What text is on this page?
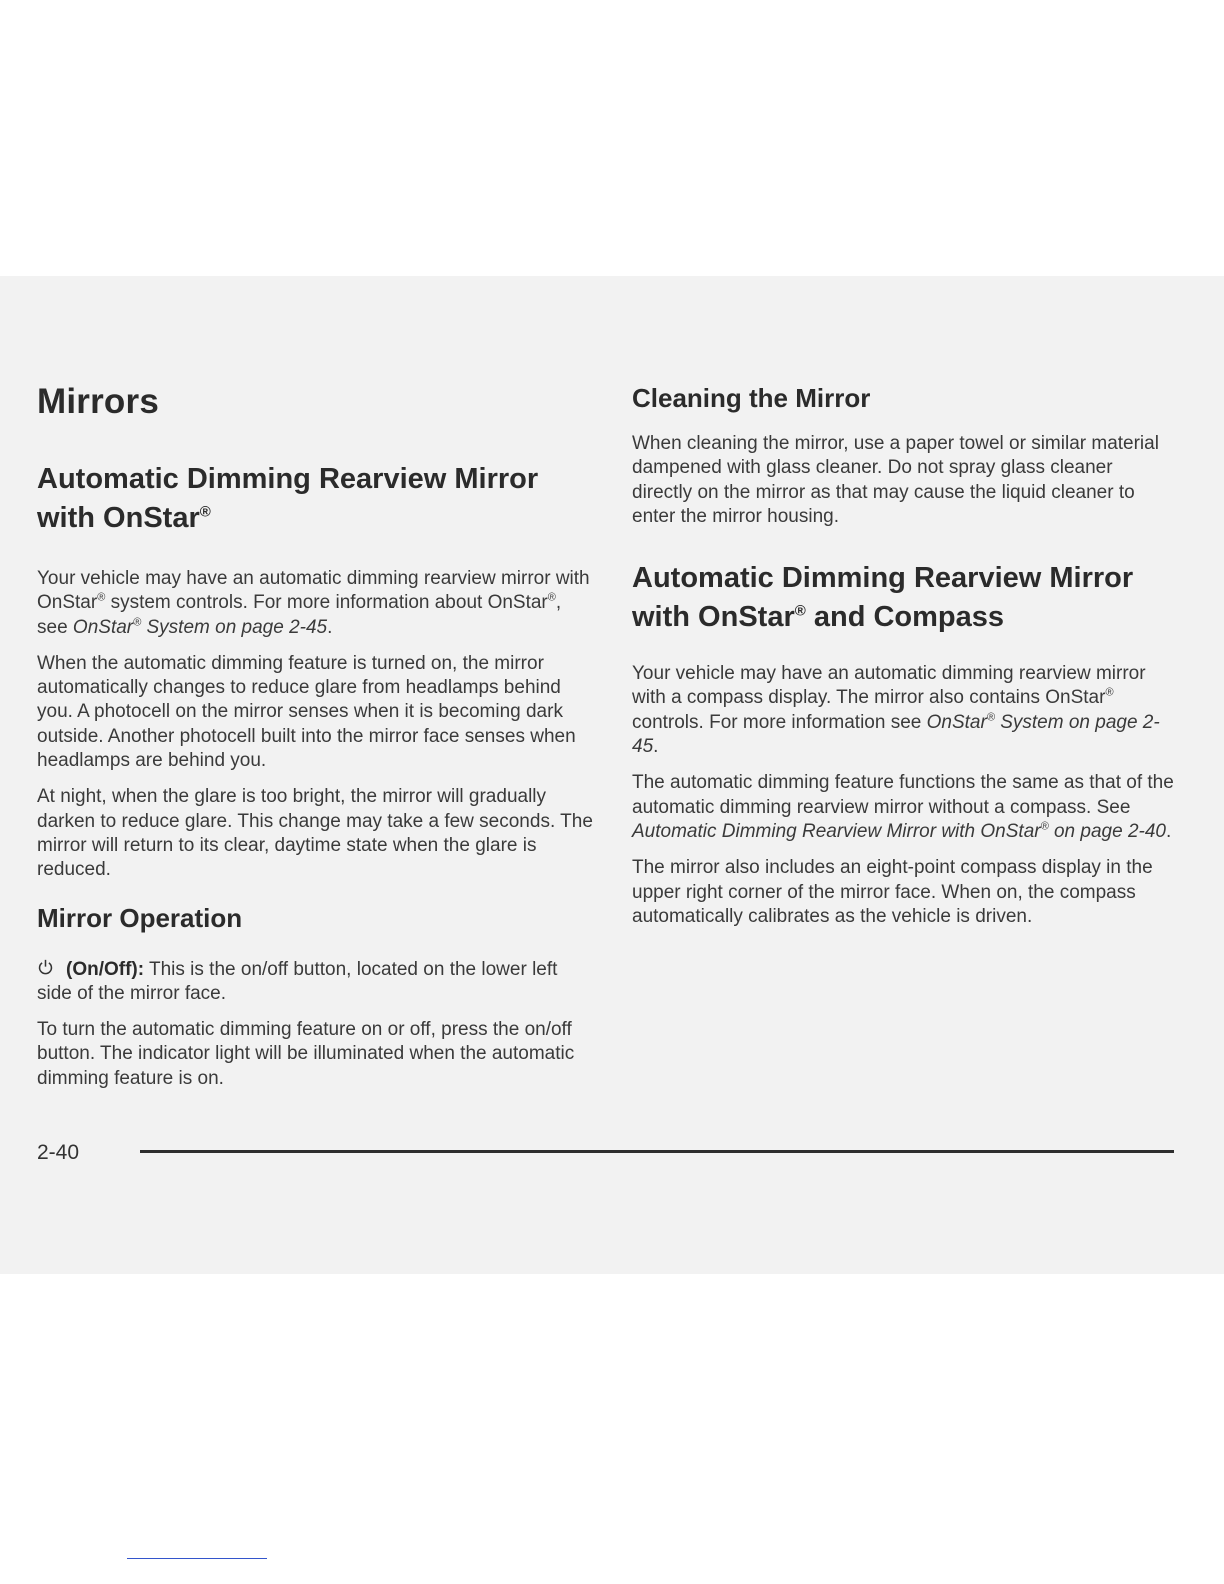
Mirrors
Automatic Dimming Rearview Mirror
with OnStar®

Your vehicle may have an automatic dimming rearview mirror with OnStar® system controls. For more information about OnStar®, see OnStar® System on page 2-45.

When the automatic dimming feature is turned on, the mirror automatically changes to reduce glare from headlamps behind you. A photocell on the mirror senses when it is becoming dark outside. Another photocell built into the mirror face senses when headlamps are behind you.

At night, when the glare is too bright, the mirror will gradually darken to reduce glare. This change may take a few seconds. The mirror will return to its clear, daytime state when the glare is reduced.

Mirror Operation

(On/Off): This is the on/off button, located on the lower left side of the mirror face.

To turn the automatic dimming feature on or off, press the on/off button. The indicator light will be illuminated when the automatic dimming feature is on.

Cleaning the Mirror

When cleaning the mirror, use a paper towel or similar material dampened with glass cleaner. Do not spray glass cleaner directly on the mirror as that may cause the liquid cleaner to enter the mirror housing.

Automatic Dimming Rearview Mirror
with OnStar® and Compass

Your vehicle may have an automatic dimming rearview mirror with a compass display. The mirror also contains OnStar® controls. For more information see OnStar® System on page 2-45.

The automatic dimming feature functions the same as that of the automatic dimming rearview mirror without a compass. See Automatic Dimming Rearview Mirror with OnStar® on page 2-40.

The mirror also includes an eight-point compass display in the upper right corner of the mirror face. When on, the compass automatically calibrates as the vehicle is driven.

2-40
